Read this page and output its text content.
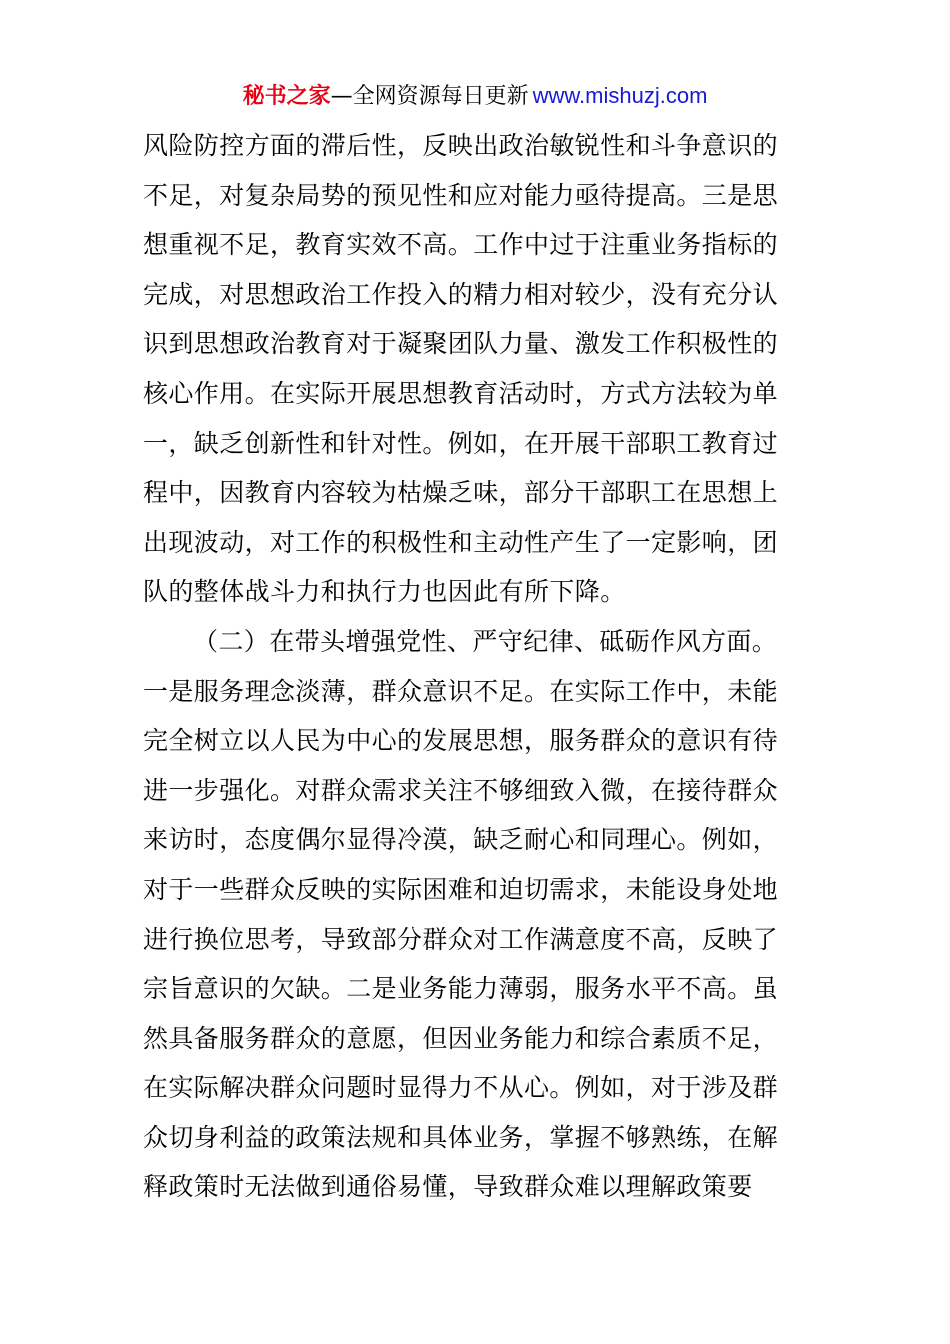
秘书之家—全网资源每日更新 www.mishuzj.com
风险防控方面的滞后性，反映出政治敏锐性和斗争意识的
不足，对复杂局势的预见性和应对能力亟待提高。三是思
想重视不足，教育实效不高。工作中过于注重业务指标的
完成，对思想政治工作投入的精力相对较少，没有充分认
识到思想政治教育对于凝聚团队力量、激发工作积极性的
核心作用。在实际开展思想教育活动时，方式方法较为单
一，缺乏创新性和针对性。例如，在开展干部职工教育过
程中，因教育内容较为枯燥乏味，部分干部职工在思想上
出现波动，对工作的积极性和主动性产生了一定影响，团
队的整体战斗力和执行力也因此有所下降。
（二）在带头增强党性、严守纪律、砥砺作风方面。
一是服务理念淡薄，群众意识不足。在实际工作中，未能
完全树立以人民为中心的发展思想，服务群众的意识有待
进一步强化。对群众需求关注不够细致入微，在接待群众
来访时，态度偶尔显得冷漠，缺乏耐心和同理心。例如，
对于一些群众反映的实际困难和迫切需求，未能设身处地
进行换位思考，导致部分群众对工作满意度不高，反映了
宗旨意识的欠缺。二是业务能力薄弱，服务水平不高。虽
然具备服务群众的意愿，但因业务能力和综合素质不足，
在实际解决群众问题时显得力不从心。例如，对于涉及群
众切身利益的政策法规和具体业务，掌握不够熟练，在解
释政策时无法做到通俗易懂，导致群众难以理解政策要
